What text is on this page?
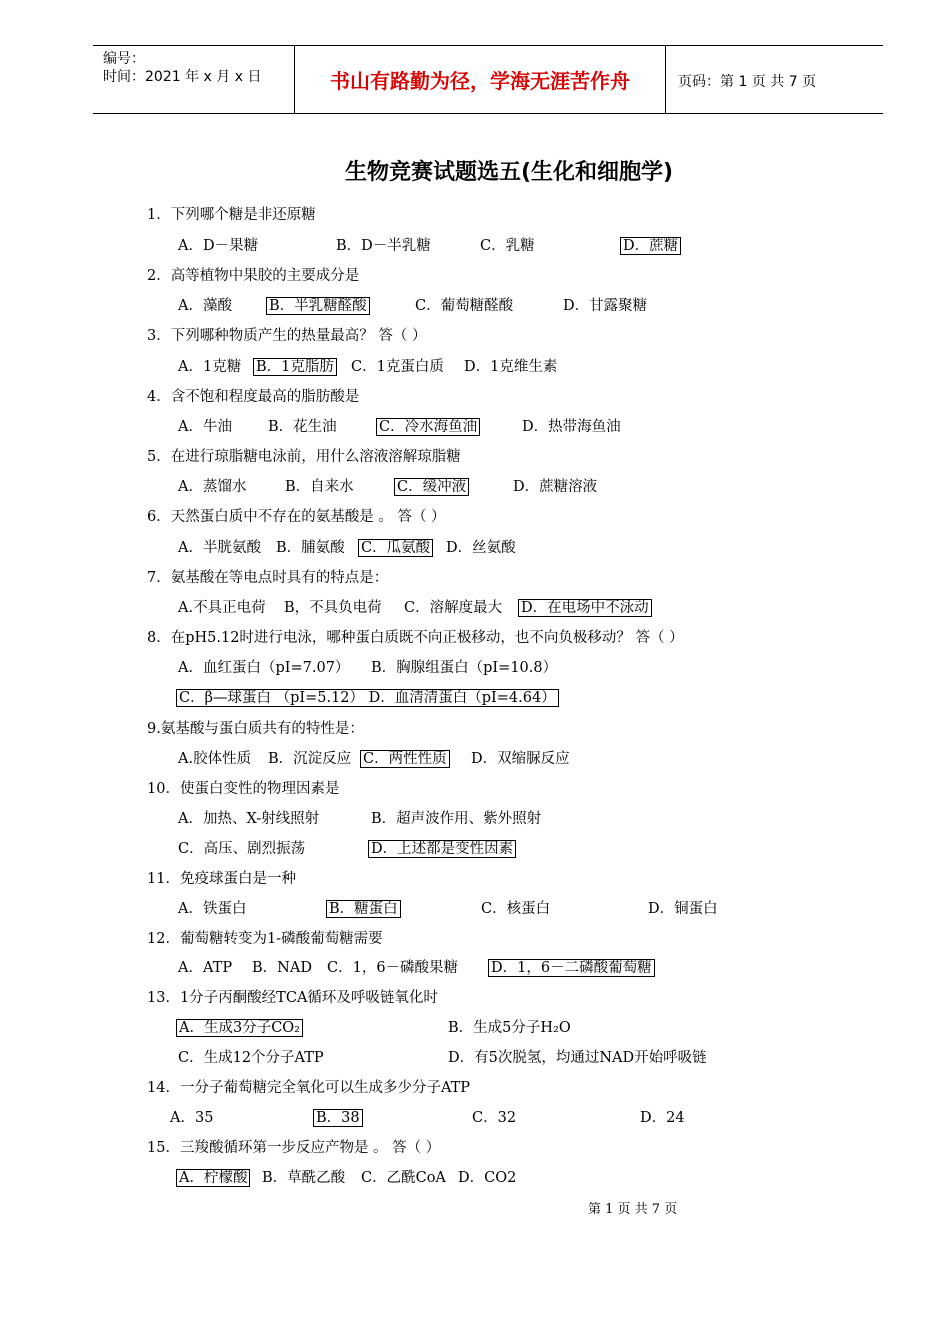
编号：
时间：2021 年 x 月 x 日	书山有路勤为径，学海无涯苦作舟	页码：第 1 页 共 7 页
生物竞赛试题选五(生化和细胞学)
1．下列哪个糖是非还原糖
A．D－果糖	B．D－半乳糖	C．乳糖	D．蔗糖
2．高等植物中果胶的主要成分是
A．藻酸	B．半乳糖醛酸	C．葡萄糖醛酸	D．甘露聚糖
3．下列哪种物质产生的热量最高？ 答（ ）
A．1克糖 B．1克脂肪 C．1克蛋白质 D．1克维生素
4．含不饱和程度最高的脂肪酸是
A．牛油 B．花生油	C．冷水海鱼油	D．热带海鱼油
5．在进行琼脂糖电泳前，用什么溶液溶解琼脂糖
A．蒸馏水	B．自来水	C．缓冲液	D．蔗糖溶液
6．天然蛋白质中不存在的氨基酸是 。 答（ ）
A．半胱氨酸 B．脯氨酸 C．瓜氨酸 D．丝氨酸
7．氨基酸在等电点时具有的特点是：
A.不具正电荷 B，不具负电荷 C．溶解度最大 D．在电场中不泳动
8．在pH5.12时进行电泳，哪种蛋白质既不向正极移动，也不向负极移动？ 答（ ）
A．血红蛋白（pI=7.07） B．胸腺组蛋白（pI=10.8）
C．β—球蛋白 （pI=5.12） D．血清清蛋白（pI=4.64）
9.氨基酸与蛋白质共有的特性是：
A.胶体性质 B．沉淀反应 C．两性性质 D．双缩脲反应
10．使蛋白变性的物理因素是
A．加热、X-射线照射	B．超声波作用、紫外照射
C．高压、剧烈振荡	D．上述都是变性因素
11．免疫球蛋白是一种
A．铁蛋白	B．糖蛋白	C．核蛋白	D．铜蛋白
12．葡萄糖转变为1-磷酸葡萄糖需要
A．ATP B．NAD C．1，6－磷酸果糖 D．1，6－二磷酸葡萄糖
13．1分子丙酮酸经TCA循环及呼吸链氧化时
A．生成3分子CO₂	B．生成5分子H₂O
C．生成12个分子ATP	D．有5次脱氢，均通过NAD开始呼吸链
14．一分子葡萄糖完全氧化可以生成多少分子ATP
A．35	B．38	C．32	D．24
15．三羧酸循环第一步反应产物是 。 答（ ）
A．柠檬酸 B．草酰乙酸 C．乙酰CoA D．CO2
第 1 页 共 7 页
